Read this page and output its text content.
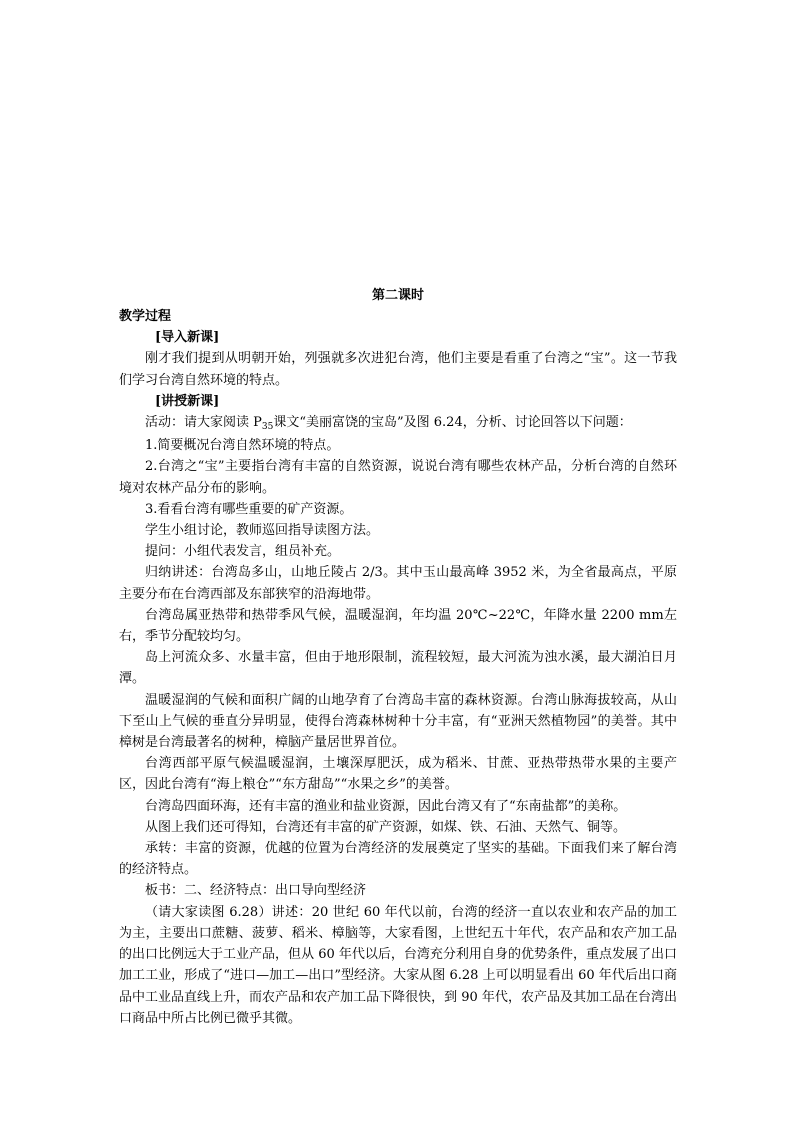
第二课时
教学过程
[导入新课]

刚才我们提到从明朝开始，列强就多次进犯台湾，他们主要是看重了台湾之“宝”。这一节我们学习台湾自然环境的特点。

[讲授新课]

活动：请大家阅读 $P_{35}$课文“美丽富饶的宝岛”及图 6.24，分析、讨论回答以下问题：

1.简要概况台湾自然环境的特点。

2.台湾之“宝”主要指台湾有丰富的自然资源，说说台湾有哪些农林产品，分析台湾的自然环境对农林产品分布的影响。

3.看看台湾有哪些重要的矿产资源。

学生小组讨论，教师巡回指导读图方法。

提问：小组代表发言，组员补充。

归纳讲述：台湾岛多山，山地丘陵占 2/3。其中玉山最高峰 3952 米，为全省最高点，平原主要分布在台湾西部及东部狭窄的沿海地带。

台湾岛属亚热带和热带季风气候，温暖湿润，年均温 20℃~22℃，年降水量 2200 mm左右，季节分配较均匀。

岛上河流众多、水量丰富，但由于地形限制，流程较短，最大河流为浊水溪，最大湖泊日月潭。

温暖湿润的气候和面积广阔的山地孕育了台湾岛丰富的森林资源。台湾山脉海拔较高，从山下至山上气候的垂直分异明显，使得台湾森林树种十分丰富，有“亚洲天然植物园”的美誉。其中樟树是台湾最著名的树种，樟脑产量居世界首位。

台湾西部平原气候温暖湿润，土壤深厚肥沃，成为稻米、甘蔗、亚热带热带水果的主要产区，因此台湾有“海上粮仓”“东方甜岛”“水果之乡”的美誉。

台湾岛四面环海，还有丰富的渔业和盐业资源，因此台湾又有了“东南盐都”的美称。

从图上我们还可得知，台湾还有丰富的矿产资源，如煤、铁、石油、天然气、铜等。

承转：丰富的资源，优越的位置为台湾经济的发展奠定了坚实的基础。下面我们来了解台湾的经济特点。

板书：二、经济特点：出口导向型经济

（请大家读图 6.28）讲述：20 世纪 60 年代以前，台湾的经济一直以农业和农产品的加工为主，主要出口蔗糖、菠萝、稻米、樟脑等，大家看图，上世纪五十年代，农产品和农产加工品的出口比例远大于工业产品，但从 60 年代以后，台湾充分利用自身的优势条件，重点发展了出口加工工业，形成了“进口—加工—出口”型经济。大家从图 6.28 上可以明显看出 60 年代后出口商品中工业品直线上升，而农产品和农产加工品下降很快，到 90 年代，农产品及其加工品在台湾出口商品中所占比例已微乎其微。
